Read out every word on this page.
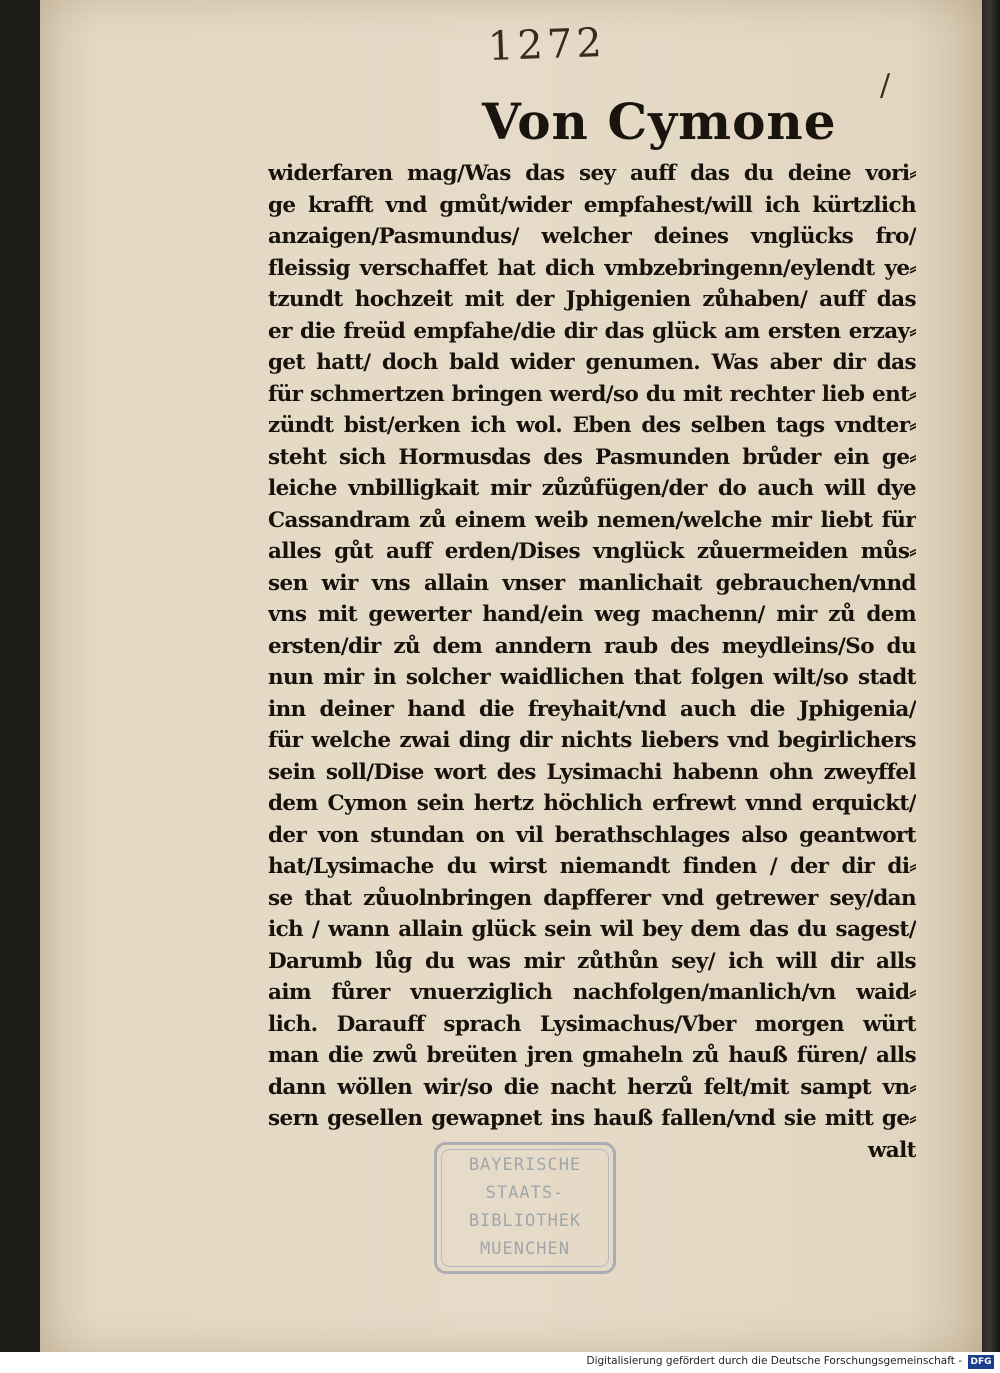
1272
/
Von Cymone
widerfaren mag/Was das sey auff das du deine vori⸗
ge krafft vnd gmůt/wider empfahest/will ich kürtzlich
anzaigen/Pasmundus/ welcher deines vnglücks fro/
fleissig verschaffet hat dich vmbzebringenn/eylendt ye⸗
tzundt hochzeit mit der Jphigenien zůhaben/ auff das
er die freüd empfahe/die dir das glück am ersten erzay⸗
get hatt/ doch bald wider genumen. Was aber dir das
für schmertzen bringen werd/so du mit rechter lieb ent⸗
zündt bist/erken ich wol. Eben des selben tags vndter⸗
steht sich Hormusdas des Pasmunden brůder ein ge⸗
leiche vnbilligkait mir zůzůfügen/der do auch will dye
Cassandram zů einem weib nemen/welche mir liebt für
alles gůt auff erden/Dises vnglück zůuermeiden můs⸗
sen wir vns allain vnser manlichait gebrauchen/vnnd
vns mit gewerter hand/ein weg machenn/ mir zů dem
ersten/dir zů dem anndern raub des meydleins/So du
nun mir in solcher waidlichen that folgen wilt/so stadt
inn deiner hand die freyhait/vnd auch die Jphigenia/
für welche zwai ding dir nichts liebers vnd begirlichers
sein soll/Dise wort des Lysimachi habenn ohn zweyffel
dem Cymon sein hertz höchlich erfrewt vnnd erquickt/
der von stundan on vil berathschlages also geantwort
hat/Lysimache du wirst niemandt finden / der dir di⸗
se that zůuolnbringen dapfferer vnd getrewer sey/dan
ich / wann allain glück sein wil bey dem das du sagest/
Darumb lůg du was mir zůthůn sey/ ich will dir alls
aim fůrer vnuerziglich nachfolgen/manlich/vn waid⸗
lich. Darauff sprach Lysimachus/Vber morgen würt
man die zwů breüten jren gmaheln zů hauß füren/ alls
dann wöllen wir/so die nacht herzů felt/mit sampt vn⸗
sern gesellen gewapnet ins hauß fallen/vnd sie mitt ge⸗
walt
BAYERISCHE
STAATS-
BIBLIOTHEK
MUENCHEN
Digitalisierung gefördert durch die Deutsche Forschungsgemeinschaft - DFG
